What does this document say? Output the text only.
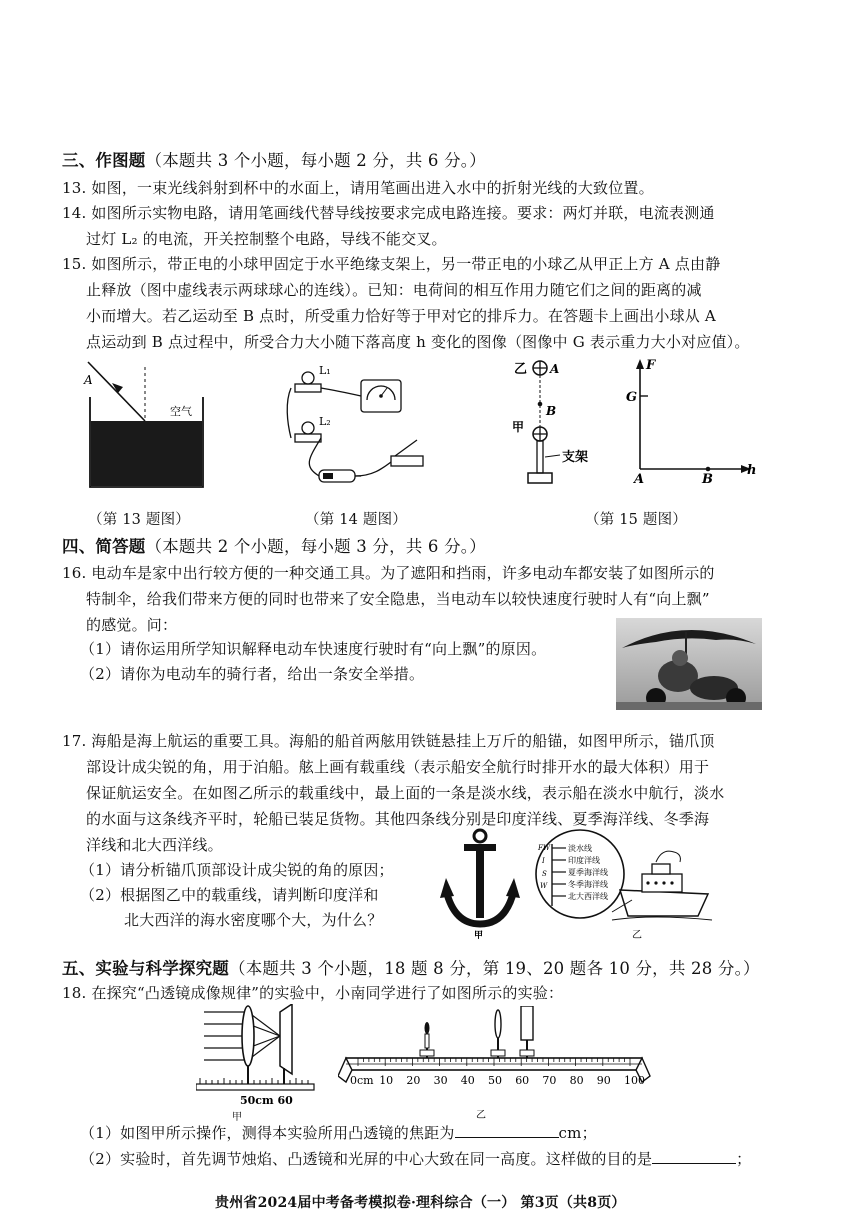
三、作图题（本题共 3 个小题，每小题 2 分，共 6 分。）
13. 如图，一束光线斜射到杯中的水面上，请用笔画出进入水中的折射光线的大致位置。
14. 如图所示实物电路，请用笔画线代替导线按要求完成电路连接。要求：两灯并联，电流表测通
过灯 L₂ 的电流，开关控制整个电路，导线不能交叉。
15. 如图所示，带正电的小球甲固定于水平绝缘支架上，另一带正电的小球乙从甲正上方 A 点由静
止释放（图中虚线表示两球球心的连线）。已知：电荷间的相互作用力随它们之间的距离的减
小而增大。若乙运动至 B 点时，所受重力恰好等于甲对它的排斥力。在答题卡上画出小球从 A
点运动到 B 点过程中，所受合力大小随下落高度 h 变化的图像（图像中 G 表示重力大小对应值）。
A
空气
（第 13 题图）
L₁
L₂
（第 14 题图）
乙 A
B
甲
支架
F
G
A	B
h
（第 15 题图）
四、简答题（本题共 2 个小题，每小题 3 分，共 6 分。）
16. 电动车是家中出行较方便的一种交通工具。为了遮阳和挡雨，许多电动车都安装了如图所示的
特制伞，给我们带来方便的同时也带来了安全隐患，当电动车以较快速度行驶时人有“向上飘”
的感觉。问：
（1）请你运用所学知识解释电动车快速度行驶时有“向上飘”的原因。
（2）请你为电动车的骑行者，给出一条安全举措。
17. 海船是海上航运的重要工具。海船的船首两舷用铁链悬挂上万斤的船锚，如图甲所示，锚爪顶
部设计成尖锐的角，用于泊船。舷上画有载重线（表示船安全航行时排开水的最大体积）用于
保证航运安全。在如图乙所示的载重线中，最上面的一条是淡水线，表示船在淡水中航行，淡水
的水面与这条线齐平时，轮船已装足货物。其他四条线分别是印度洋线、夏季海洋线、冬季海
洋线和北大西洋线。
（1）请分析锚爪顶部设计成尖锐的角的原因；
（2）根据图乙中的载重线，请判断印度洋和
北大西洋的海水密度哪个大，为什么？
甲
FW
I
S
W
淡水线
印度洋线
夏季海洋线
冬季海洋线
北大西洋线
乙
五、实验与科学探究题（本题共 3 个小题，18 题 8 分，第 19、20 题各 10 分，共 28 分。）
18. 在探究“凸透镜成像规律”的实验中，小南同学进行了如图所示的实验：
50cm 60
甲
0cm 10 20 30 40 50 60 70 80 90 100
乙
（1）如图甲所示操作，测得本实验所用凸透镜的焦距为	cm；
（2）实验时，首先调节烛焰、凸透镜和光屏的中心大致在同一高度。这样做的目的是	；
贵州省2024届中考备考模拟卷·理科综合（一） 第3页（共8页）
